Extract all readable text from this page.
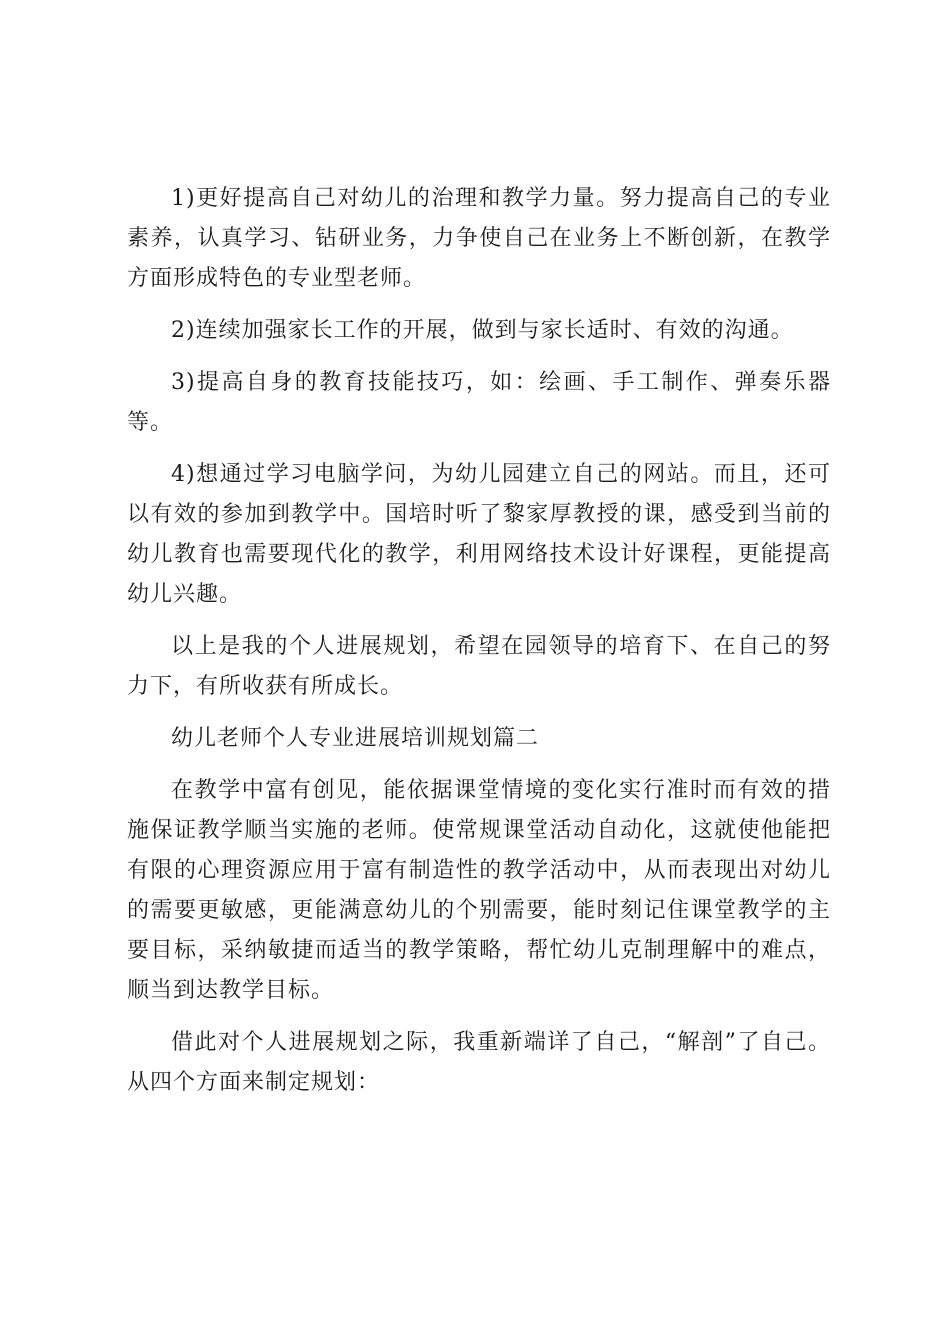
1)更好提高自己对幼儿的治理和教学力量。努力提高自己的专业素养，认真学习、钻研业务，力争使自己在业务上不断创新，在教学方面形成特色的专业型老师。

2)连续加强家长工作的开展，做到与家长适时、有效的沟通。

3)提高自身的教育技能技巧，如：绘画、手工制作、弹奏乐器等。

4)想通过学习电脑学问，为幼儿园建立自己的网站。而且，还可以有效的参加到教学中。国培时听了黎家厚教授的课，感受到当前的幼儿教育也需要现代化的教学，利用网络技术设计好课程，更能提高幼儿兴趣。

以上是我的个人进展规划，希望在园领导的培育下、在自己的努力下，有所收获有所成长。

幼儿老师个人专业进展培训规划篇二

在教学中富有创见，能依据课堂情境的变化实行准时而有效的措施保证教学顺当实施的老师。使常规课堂活动自动化，这就使他能把有限的心理资源应用于富有制造性的教学活动中，从而表现出对幼儿的需要更敏感，更能满意幼儿的个别需要，能时刻记住课堂教学的主要目标，采纳敏捷而适当的教学策略，帮忙幼儿克制理解中的难点，顺当到达教学目标。

借此对个人进展规划之际，我重新端详了自己，“解剖”了自己。从四个方面来制定规划：
